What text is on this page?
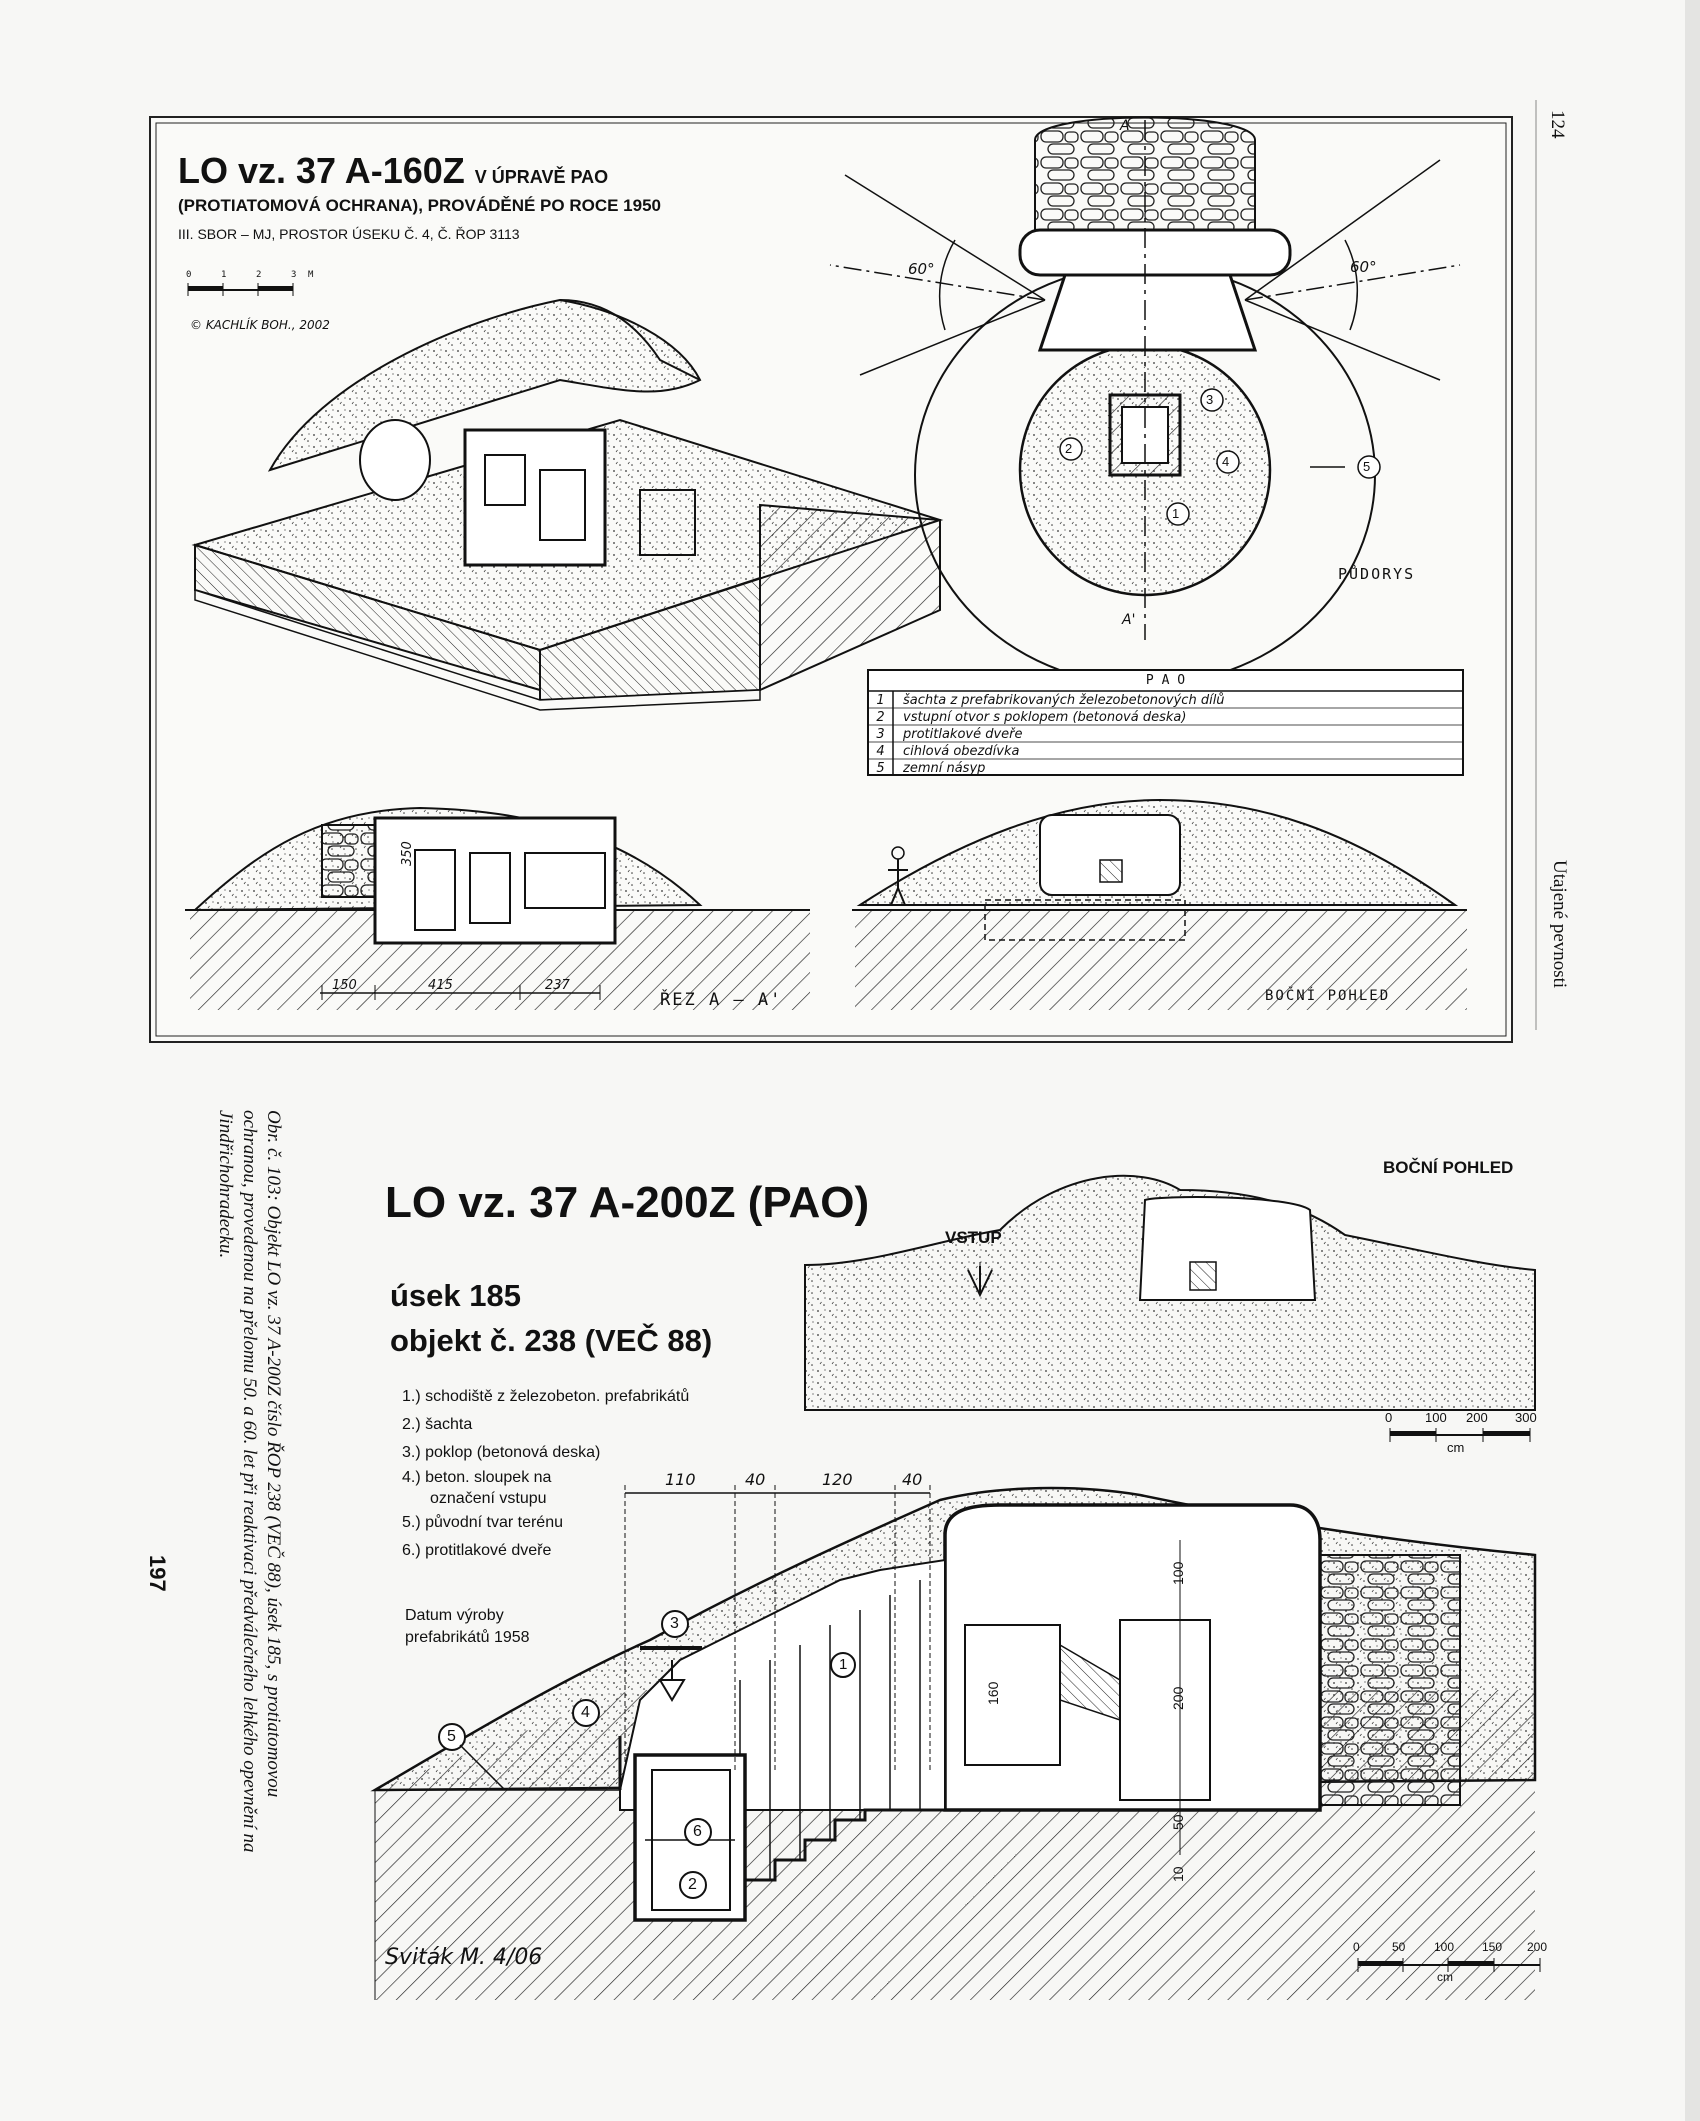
LO vz. 37 A-160Z V ÚPRAVĚ PAO
(PROTIATOMOVÁ OCHRANA), PROVÁDĚNÉ PO ROCE 1950
III. SBOR – MJ, PROSTOR ÚSEKU Č. 4, Č. ŘOP 3113
0	1	2	3 M
© KACHLÍK BOH., 2002
A
A'
60°	60°
2
3
4
1
5
PŮDORYS
P A O
1 šachta z prefabrikovaných železobetonových dílů
2 vstupní otvor s poklopem (betonová deska)
3 protitlakové dveře
4 cihlová obezdívka
5 zemní násyp
350
150	415	237
ŘEZ A – A'	BOČNÍ POHLED
124
Utajené pevnosti
Obr. č. 103: Objekt LO vz. 37 A-200Z číslo ŘOP 238 (VEČ 88), úsek 185, s protiatomovou
ochranou, provedenou na přelomu 50. a 60. let při reaktivaci předválečného lehkého opevnění na
Jindřichohradecku.
197
LO vz. 37 A-200Z (PAO)
úsek 185
objekt č. 238 (VEČ 88)
1.) schodiště z železobeton. prefabrikátů
2.) šachta
3.) poklop (betonová deska)
4.) beton. sloupek na
označení vstupu
5.) původní tvar terénu
6.) protitlakové dveře
Datum výroby
prefabrikátů 1958
BOČNÍ POHLED
VSTUP
0	100 200 300
cm
110	40	120	40
100
200
160
50
10
3
4
5
6
2
1
0	50 100 150 200
cm
Sviták M. 4/06
